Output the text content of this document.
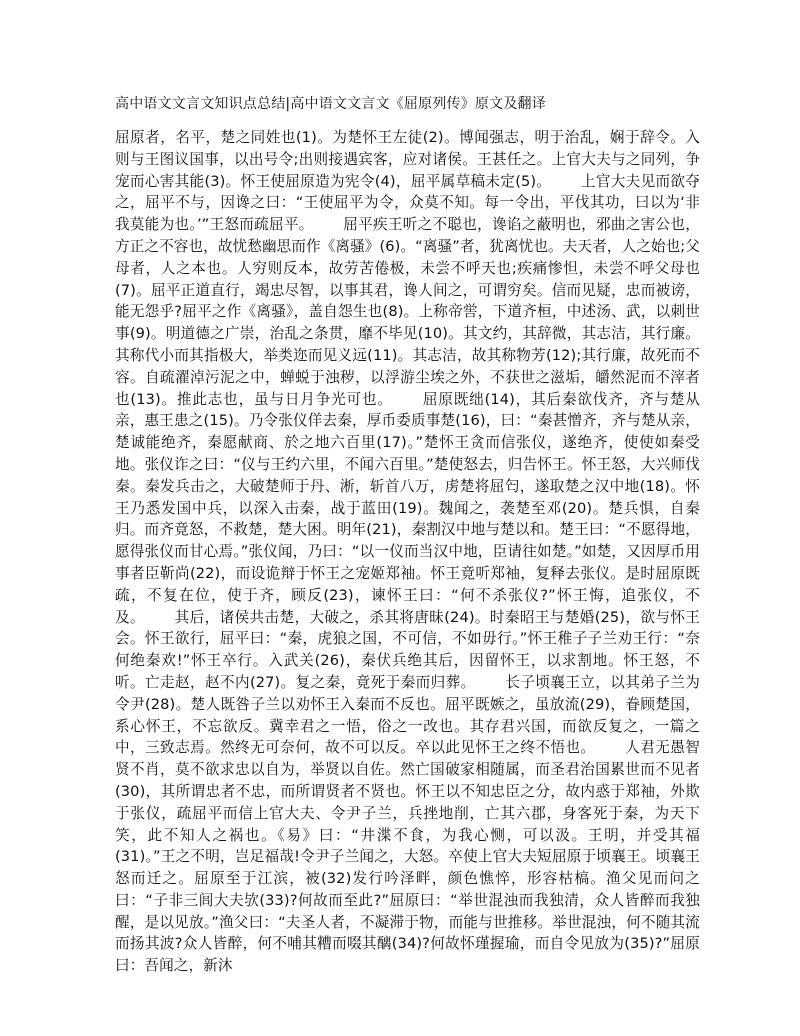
高中语文文言文知识点总结|高中语文文言文《屈原列传》原文及翻译
屈原者，名平，楚之同姓也(1)。为楚怀王左徒(2)。博闻强志，明于治乱，娴于辞令。入则与王图议国事，以出号令;出则接遇宾客，应对诸侯。王甚任之。上官大夫与之同列，争宠而心害其能(3)。怀王使屈原造为宪令(4)，屈平属草稿未定(5)。   上官大夫见而欲夺之，屈平不与，因谗之曰：“王使屈平为令，众莫不知。每一令出，平伐其功，曰以为‘非我莫能为也。’”王怒而疏屈平。   屈平疾王听之不聪也，谗谄之蔽明也，邪曲之害公也，方正之不容也，故忧愁幽思而作《离骚》(6)。“离骚”者，犹离忧也。夫天者，人之始也;父母者，人之本也。人穷则反本，故劳苦倦极，未尝不呼天也;疾痛惨怛，未尝不呼父母也(7)。屈平正道直行，竭忠尽智，以事其君，谗人间之，可谓穷矣。信而见疑，忠而被谤，能无怨乎?屈平之作《离骚》，盖自怨生也(8)。上称帝喾，下道齐桓，中述汤、武，以刺世事(9)。明道德之广崇，治乱之条贯，靡不毕见(10)。其文约，其辞微，其志洁，其行廉。其称代小而其指极大，举类迩而见义远(11)。其志洁，故其称物芳(12);其行廉，故死而不容。自疏濯淖污泥之中，蝉蜕于浊秽，以浮游尘埃之外，不获世之滋垢，皭然泥而不滓者也(13)。推此志也，虽与日月争光可也。   屈原既绌(14)，其后秦欲伐齐，齐与楚从亲，惠王患之(15)。乃令张仪佯去秦，厚币委质事楚(16)，曰：“秦甚憎齐，齐与楚从亲，楚诚能绝齐，秦愿献商、於之地六百里(17)。”楚怀王贪而信张仪，遂绝齐，使使如秦受地。张仪诈之曰：“仪与王约六里，不闻六百里。”楚使怒去，归告怀王。怀王怒，大兴师伐秦。秦发兵击之，大破楚师于丹、淅，斩首八万，虏楚将屈匄，遂取楚之汉中地(18)。怀王乃悉发国中兵，以深入击秦，战于蓝田(19)。魏闻之，袭楚至邓(20)。楚兵惧，自秦归。而齐竟怒，不救楚，楚大困。明年(21)，秦割汉中地与楚以和。楚王曰：“不愿得地，愿得张仪而甘心焉。”张仪闻，乃曰：“以一仪而当汉中地，臣请往如楚。”如楚，又因厚币用事者臣靳尚(22)，而设诡辩于怀王之宠姬郑袖。怀王竟听郑袖，复释去张仪。是时屈原既疏，不复在位，使于齐，顾反(23)，谏怀王曰：“何不杀张仪?”怀王悔，追张仪，不及。   其后，诸侯共击楚，大破之，杀其将唐昧(24)。时秦昭王与楚婚(25)，欲与怀王会。怀王欲行，屈平曰：“秦，虎狼之国，不可信，不如毋行。”怀王稚子子兰劝王行：“奈何绝秦欢!”怀王卒行。入武关(26)，秦伏兵绝其后，因留怀王，以求割地。怀王怒，不听。亡走赵，赵不内(27)。复之秦，竟死于秦而归葬。   长子顷襄王立，以其弟子兰为令尹(28)。楚人既咎子兰以劝怀王入秦而不反也。屈平既嫉之，虽放流(29)，眷顾楚国，系心怀王，不忘欲反。冀幸君之一悟，俗之一改也。其存君兴国，而欲反复之，一篇之中，三致志焉。然终无可奈何，故不可以反。卒以此见怀王之终不悟也。   人君无愚智贤不肖，莫不欲求忠以自为，举贤以自佐。然亡国破家相随属，而圣君治国累世而不见者(30)，其所谓忠者不忠，而所谓贤者不贤也。怀王以不知忠臣之分，故内惑于郑袖，外欺于张仪，疏屈平而信上官大夫、令尹子兰，兵挫地削，亡其六郡，身客死于秦，为天下笑，此不知人之祸也。《易》曰：“井渫不食，为我心恻，可以汲。王明，并受其福(31)。”王之不明，岂足福哉!令尹子兰闻之，大怒。卒使上官大夫短屈原于顷襄王。顷襄王怒而迁之。屈原至于江滨，被(32)发行吟泽畔，颜色憔悴，形容枯槁。渔父见而问之曰：“子非三闾大夫欤(33)?何故而至此?”屈原曰：“举世混浊而我独清，众人皆醉而我独醒，是以见放。”渔父曰：“夫圣人者，不凝滞于物，而能与世推移。举世混浊，何不随其流而扬其波?众人皆醉，何不哺其糟而啜其醨(34)?何故怀瑾握瑜，而自令见放为(35)?”屈原曰：吾闻之，新沐
